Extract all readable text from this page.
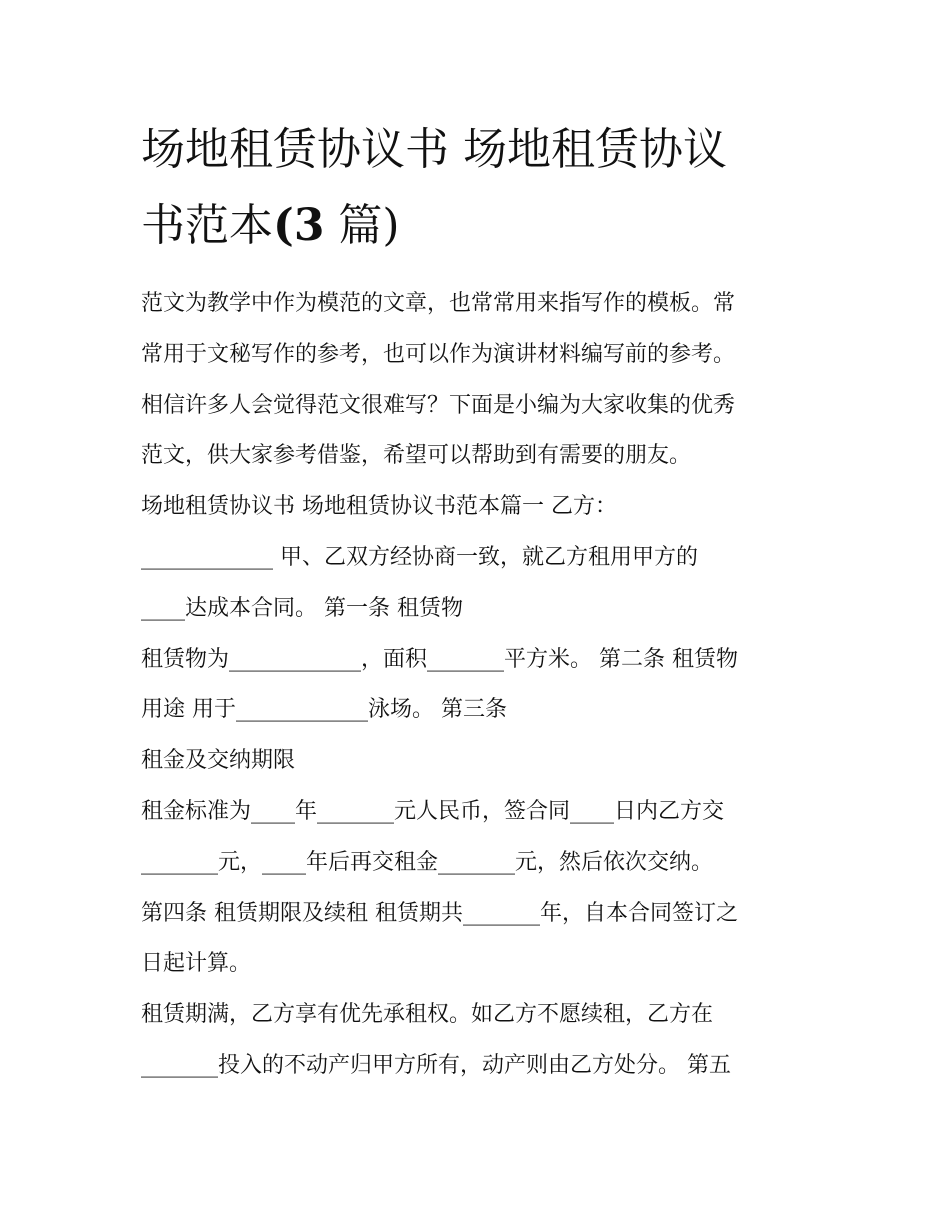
场地租赁协议书 场地租赁协议
书范本(3 篇)
范文为教学中作为模范的文章，也常常用来指写作的模板。常
常用于文秘写作的参考，也可以作为演讲材料编写前的参考。
相信许多人会觉得范文很难写？下面是小编为大家收集的优秀
范文，供大家参考借鉴，希望可以帮助到有需要的朋友。
场地租赁协议书 场地租赁协议书范本篇一 乙方：
____________ 甲、乙双方经协商一致，就乙方租用甲方的
____达成本合同。 第一条 租赁物
租赁物为____________，面积_______平方米。 第二条 租赁物
用途 用于____________泳场。 第三条
租金及交纳期限
租金标准为____年_______元人民币，签合同____日内乙方交
_______元，____年后再交租金_______元，然后依次交纳。
第四条 租赁期限及续租 租赁期共_______年，自本合同签订之
日起计算。
租赁期满，乙方享有优先承租权。如乙方不愿续租，乙方在
_______投入的不动产归甲方所有，动产则由乙方处分。 第五
